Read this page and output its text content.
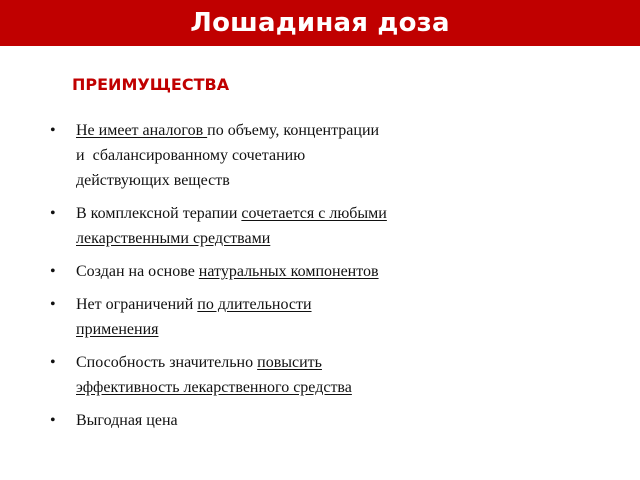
Лошадиная доза

ПРЕИМУЩЕСТВА

• Не имеет аналогов по объему, концентрации
и  сбалансированному сочетанию
действующих веществ
• В комплексной терапии сочетается с любыми
лекарственными средствами
• Создан на основе натуральных компонентов
• Нет ограничений по длительности
применения
• Способность значительно повысить
эффективность лекарственного средства
• Выгодная цена
